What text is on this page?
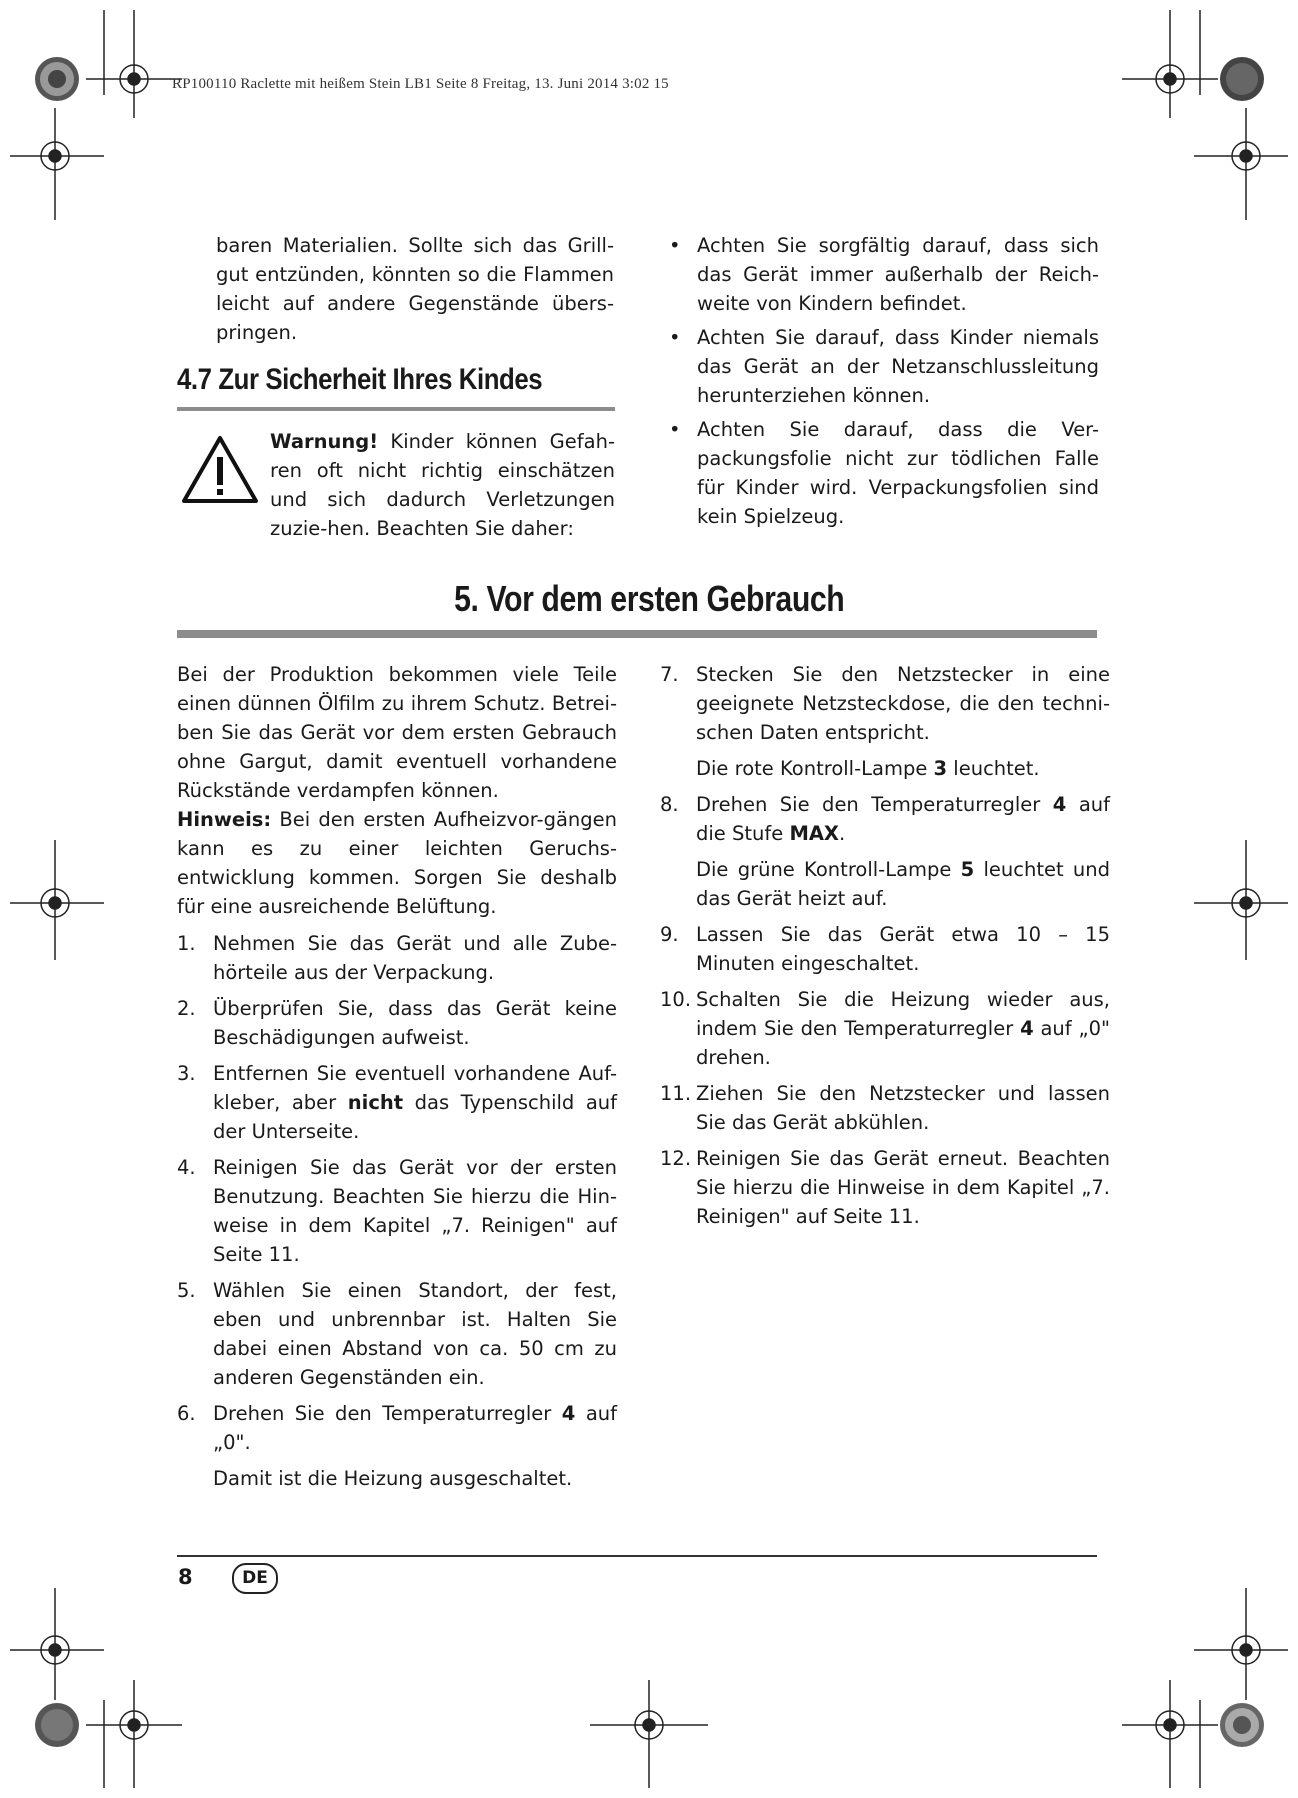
RP100110 Raclette mit heißem Stein LB1 Seite 8 Freitag, 13. Juni 2014 3:02 15
baren Materialien. Sollte sich das Grill-gut entzünden, könnten so die Flammen leicht auf andere Gegenstände übers-pringen.
4.7 Zur Sicherheit Ihres Kindes
Warnung! Kinder können Gefah-ren oft nicht richtig einschätzen und sich dadurch Verletzungen zuzie-hen. Beachten Sie daher:
• Achten Sie sorgfältig darauf, dass sich das Gerät immer außerhalb der Reich-weite von Kindern befindet.
• Achten Sie darauf, dass Kinder niemals das Gerät an der Netzanschlussleitung herunterziehen können.
• Achten Sie darauf, dass die Ver-packungsfolie nicht zur tödlichen Falle für Kinder wird. Verpackungsfolien sind kein Spielzeug.
5. Vor dem ersten Gebrauch
Bei der Produktion bekommen viele Teile einen dünnen Ölfilm zu ihrem Schutz. Betrei-ben Sie das Gerät vor dem ersten Gebrauch ohne Gargut, damit eventuell vorhandene Rückstände verdampfen können.
Hinweis: Bei den ersten Aufheizvor-gängen kann es zu einer leichten Geruchs-entwicklung kommen. Sorgen Sie deshalb für eine ausreichende Belüftung.
1. Nehmen Sie das Gerät und alle Zube-hörteile aus der Verpackung.
2. Überprüfen Sie, dass das Gerät keine Beschädigungen aufweist.
3. Entfernen Sie eventuell vorhandene Auf-kleber, aber nicht das Typenschild auf der Unterseite.
4. Reinigen Sie das Gerät vor der ersten Benutzung. Beachten Sie hierzu die Hin-weise in dem Kapitel „7. Reinigen" auf Seite 11.
5. Wählen Sie einen Standort, der fest, eben und unbrennbar ist. Halten Sie dabei einen Abstand von ca. 50 cm zu anderen Gegenständen ein.
6. Drehen Sie den Temperaturregler 4 auf „0".
Damit ist die Heizung ausgeschaltet.
7. Stecken Sie den Netzstecker in eine geeignete Netzsteckdose, die den techni-schen Daten entspricht.
Die rote Kontroll-Lampe 3 leuchtet.
8. Drehen Sie den Temperaturregler 4 auf die Stufe MAX.
Die grüne Kontroll-Lampe 5 leuchtet und das Gerät heizt auf.
9. Lassen Sie das Gerät etwa 10 – 15 Minuten eingeschaltet.
10. Schalten Sie die Heizung wieder aus, indem Sie den Temperaturregler 4 auf „0" drehen.
11. Ziehen Sie den Netzstecker und lassen Sie das Gerät abkühlen.
12. Reinigen Sie das Gerät erneut. Beachten Sie hierzu die Hinweise in dem Kapitel „7. Reinigen" auf Seite 11.
8	DE
